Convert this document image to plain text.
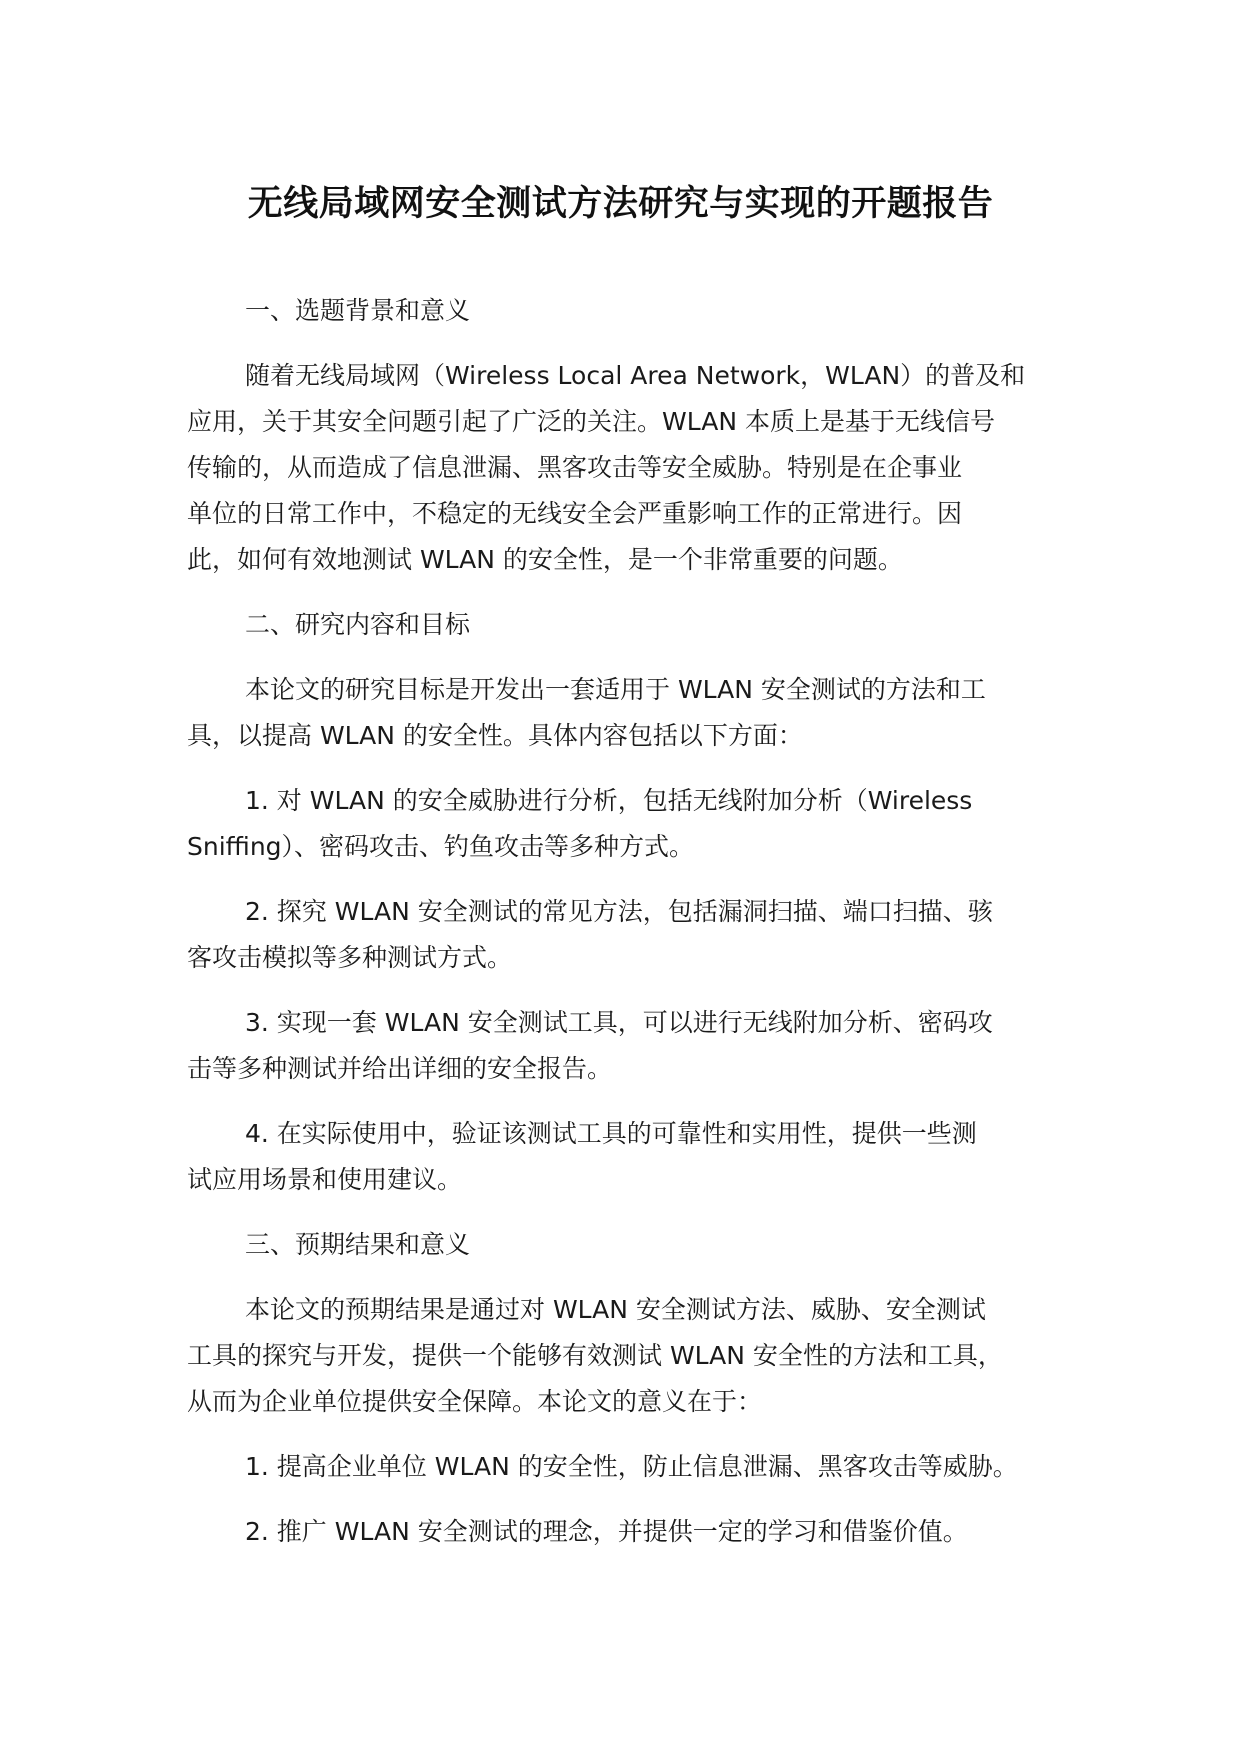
无线局域网安全测试方法研究与实现的开题报告
一、选题背景和意义
随着无线局域网（Wireless Local Area Network，WLAN）的普及和
应用，关于其安全问题引起了广泛的关注。WLAN 本质上是基于无线信号
传输的，从而造成了信息泄漏、黑客攻击等安全威胁。特别是在企事业
单位的日常工作中，不稳定的无线安全会严重影响工作的正常进行。因
此，如何有效地测试 WLAN 的安全性，是一个非常重要的问题。
二、研究内容和目标
本论文的研究目标是开发出一套适用于 WLAN 安全测试的方法和工
具，以提高 WLAN 的安全性。具体内容包括以下方面：
1. 对 WLAN 的安全威胁进行分析，包括无线附加分析（Wireless
Sniffing）、密码攻击、钓鱼攻击等多种方式。
2. 探究 WLAN 安全测试的常见方法，包括漏洞扫描、端口扫描、骇
客攻击模拟等多种测试方式。
3. 实现一套 WLAN 安全测试工具，可以进行无线附加分析、密码攻
击等多种测试并给出详细的安全报告。
4. 在实际使用中，验证该测试工具的可靠性和实用性，提供一些测
试应用场景和使用建议。
三、预期结果和意义
本论文的预期结果是通过对 WLAN 安全测试方法、威胁、安全测试
工具的探究与开发，提供一个能够有效测试 WLAN 安全性的方法和工具，
从而为企业单位提供安全保障。本论文的意义在于：
1. 提高企业单位 WLAN 的安全性，防止信息泄漏、黑客攻击等威胁。
2. 推广 WLAN 安全测试的理念，并提供一定的学习和借鉴价值。
